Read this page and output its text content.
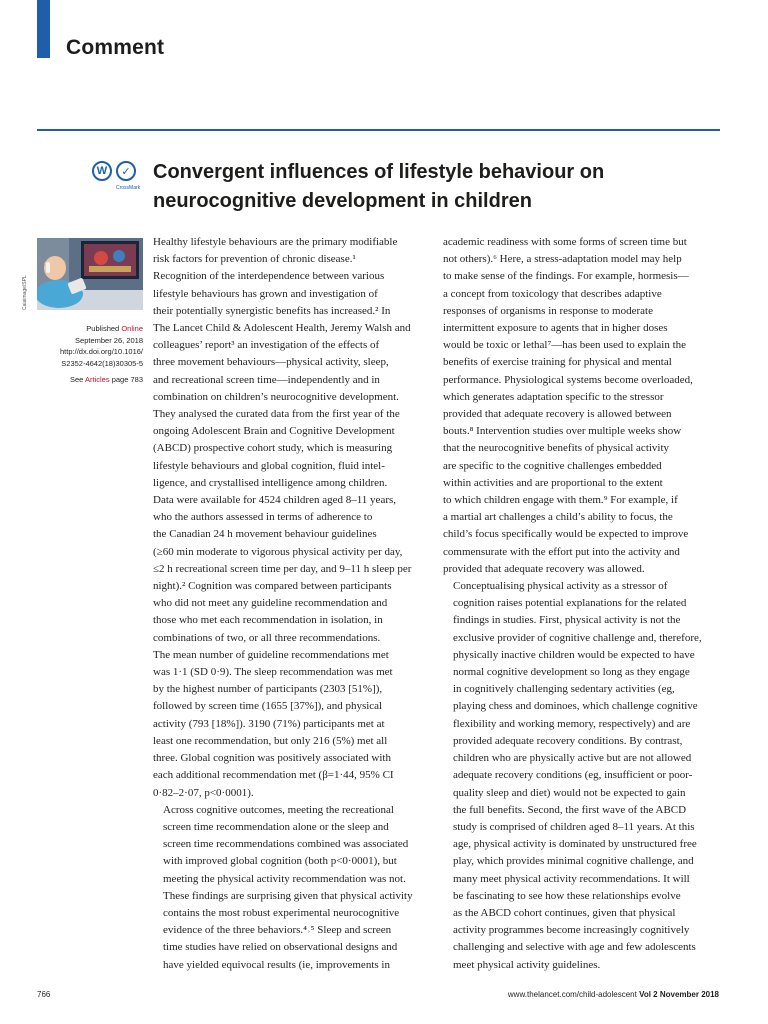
Comment
W	✓
CrossMark
Convergent influences of lifestyle behaviour on neurocognitive development in children
Caiaimage/SPL
Published Online
September 26, 2018
http://dx.doi.org/10.1016/
S2352-4642(18)30305-5
See Articles page 783

Healthy lifestyle behaviours are the primary modifiable
risk factors for prevention of chronic disease.¹
Recognition of the interdependence between various
lifestyle behaviours has grown and investigation of
their potentially synergistic benefits has increased.² In
The Lancet Child & Adolescent Health, Jeremy Walsh and
colleagues’ report³ an investigation of the effects of
three movement behaviours—physical activity, sleep,
and recreational screen time—independently and in
combination on children’s neurocognitive development.
They analysed the curated data from the first year of the
ongoing Adolescent Brain and Cognitive Development
(ABCD) prospective cohort study, which is measuring
lifestyle behaviours and global cognition, fluid intel-
ligence, and crystallised intelligence among children.
Data were available for 4524 children aged 8–11 years,
who the authors assessed in terms of adherence to
the Canadian 24 h movement behaviour guidelines
(≥60 min moderate to vigorous physical activity per day,
≤2 h recreational screen time per day, and 9–11 h sleep per
night).² Cognition was compared between participants
who did not meet any guideline recommendation and
those who met each recommendation in isolation, in
combinations of two, or all three recommendations.
The mean number of guideline recommendations met
was 1·1 (SD 0·9). The sleep recommendation was met
by the highest number of participants (2303 [51%]),
followed by screen time (1655 [37%]), and physical
activity (793 [18%]). 3190 (71%) participants met at
least one recommendation, but only 216 (5%) met all
three. Global cognition was positively associated with
each additional recommendation met (β=1·44, 95% CI
0·82–2·07, p<0·0001).

Across cognitive outcomes, meeting the recreational
screen time recommendation alone or the sleep and
screen time recommendations combined was associated
with improved global cognition (both p<0·0001), but
meeting the physical activity recommendation was not.
These findings are surprising given that physical activity
contains the most robust experimental neurocognitive
evidence of the three behaviors.⁴˒⁵ Sleep and screen
time studies have relied on observational designs and
have yielded equivocal results (ie, improvements in

academic readiness with some forms of screen time but
not others).⁶ Here, a stress-adaptation model may help
to make sense of the findings. For example, hormesis—
a concept from toxicology that describes adaptive
responses of organisms in response to moderate
intermittent exposure to agents that in higher doses
would be toxic or lethal⁷—has been used to explain the
benefits of exercise training for physical and mental
performance. Physiological systems become overloaded,
which generates adaptation specific to the stressor
provided that adequate recovery is allowed between
bouts.⁸ Intervention studies over multiple weeks show
that the neurocognitive benefits of physical activity
are specific to the cognitive challenges embedded
within activities and are proportional to the extent
to which children engage with them.⁹ For example, if
a martial art challenges a child’s ability to focus, the
child’s focus specifically would be expected to improve
commensurate with the effort put into the activity and
provided that adequate recovery was allowed.

Conceptualising physical activity as a stressor of
cognition raises potential explanations for the related
findings in studies. First, physical activity is not the
exclusive provider of cognitive challenge and, therefore,
physically inactive children would be expected to have
normal cognitive development so long as they engage
in cognitively challenging sedentary activities (eg,
playing chess and dominoes, which challenge cognitive
flexibility and working memory, respectively) and are
provided adequate recovery conditions. By contrast,
children who are physically active but are not allowed
adequate recovery conditions (eg, insufficient or poor-
quality sleep and diet) would not be expected to gain
the full benefits. Second, the first wave of the ABCD
study is comprised of children aged 8–11 years. At this
age, physical activity is dominated by unstructured free
play, which provides minimal cognitive challenge, and
many meet physical activity recommendations. It will
be fascinating to see how these relationships evolve
as the ABCD cohort continues, given that physical
activity programmes become increasingly cognitively
challenging and selective with age and few adolescents
meet physical activity guidelines.

766	www.thelancet.com/child-adolescent Vol 2 November 2018
